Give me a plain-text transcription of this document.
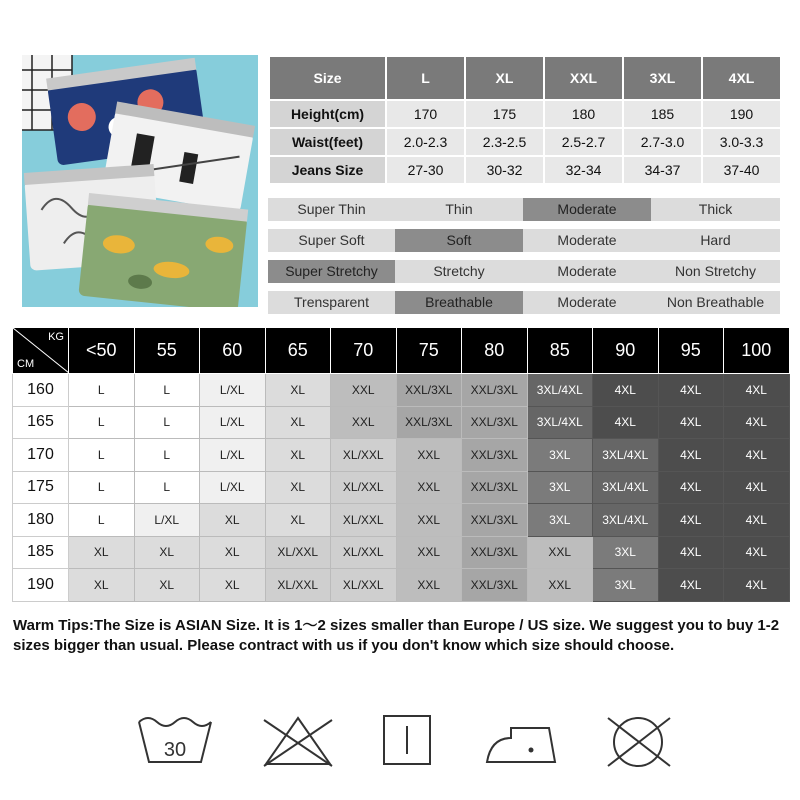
Size	L	XL	XXL	3XL	4XL
Height(cm)	170	175	180	185	190
Waist(feet)	2.0-2.3	2.3-2.5	2.5-2.7	2.7-3.0	3.0-3.3
Jeans Size	27-30	30-32	32-34	34-37	37-40
Super Thin	Thin	Moderate	Thick
Super Soft	Soft	Moderate	Hard
Super Stretchy	Stretchy	Moderate	Non Stretchy
Trensparent	Breathable	Moderate	Non Breathable
KG
CM	<50	55	60	65	70	75	80	85	90	95	100
160	L	L	L/XL	XL	XXL	XXL/3XL	XXL/3XL	3XL/4XL	4XL	4XL	4XL
165	L	L	L/XL	XL	XXL	XXL/3XL	XXL/3XL	3XL/4XL	4XL	4XL	4XL
170	L	L	L/XL	XL	XL/XXL	XXL	XXL/3XL	3XL	3XL/4XL	4XL	4XL
175	L	L	L/XL	XL	XL/XXL	XXL	XXL/3XL	3XL	3XL/4XL	4XL	4XL
180	L	L/XL	XL	XL	XL/XXL	XXL	XXL/3XL	3XL	3XL/4XL	4XL	4XL
185	XL	XL	XL	XL/XXL	XL/XXL	XXL	XXL/3XL	XXL	3XL	4XL	4XL
190	XL	XL	XL	XL/XXL	XL/XXL	XXL	XXL/3XL	XXL	3XL	4XL	4XL
Warm Tips:The Size is ASIAN Size. It is 1～2 sizes smaller than Europe / US size. We suggest you to buy 1-2 sizes bigger than usual. Please contract with us if you don't know which size should choose.
30
